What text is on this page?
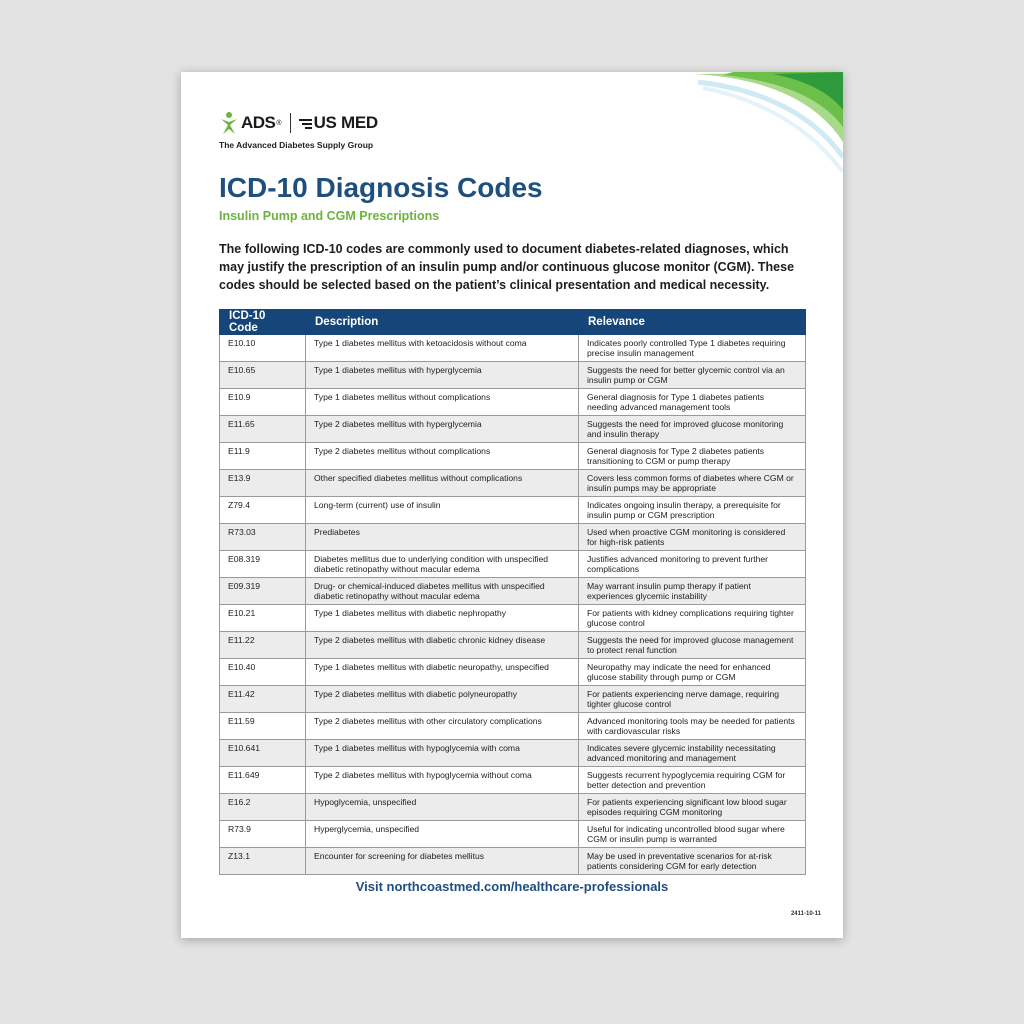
ADS ® US MED
The Advanced Diabetes Supply Group
ICD-10 Diagnosis Codes
Insulin Pump and CGM Prescriptions
The following ICD-10 codes are commonly used to document diabetes-related diagnoses, which may justify the prescription of an insulin pump and/or continuous glucose monitor (CGM). These codes should be selected based on the patient’s clinical presentation and medical necessity.
ICD-10 Code	Description	Relevance
E10.10	Type 1 diabetes mellitus with ketoacidosis without coma	Indicates poorly controlled Type 1 diabetes requiring precise insulin management
E10.65	Type 1 diabetes mellitus with hyperglycemia	Suggests the need for better glycemic control via an insulin pump or CGM
E10.9	Type 1 diabetes mellitus without complications	General diagnosis for Type 1 diabetes patients needing advanced management tools
E11.65	Type 2 diabetes mellitus with hyperglycemia	Suggests the need for improved glucose monitoring and insulin therapy
E11.9	Type 2 diabetes mellitus without complications	General diagnosis for Type 2 diabetes patients transitioning to CGM or pump therapy
E13.9	Other specified diabetes mellitus without complications	Covers less common forms of diabetes where CGM or insulin pumps may be appropriate
Z79.4	Long-term (current) use of insulin	Indicates ongoing insulin therapy, a prerequisite for insulin pump or CGM prescription
R73.03	Prediabetes	Used when proactive CGM monitoring is considered for high-risk patients
E08.319	Diabetes mellitus due to underlying condition with unspecified diabetic retinopathy without macular edema	Justifies advanced monitoring to prevent further complications
E09.319	Drug- or chemical-induced diabetes mellitus with unspecified diabetic retinopathy without macular edema	May warrant insulin pump therapy if patient experiences glycemic instability
E10.21	Type 1 diabetes mellitus with diabetic nephropathy	For patients with kidney complications requiring tighter glucose control
E11.22	Type 2 diabetes mellitus with diabetic chronic kidney disease	Suggests the need for improved glucose management to protect renal function
E10.40	Type 1 diabetes mellitus with diabetic neuropathy, unspecified	Neuropathy may indicate the need for enhanced glucose stability through pump or CGM
E11.42	Type 2 diabetes mellitus with diabetic polyneuropathy	For patients experiencing nerve damage, requiring tighter glucose control
E11.59	Type 2 diabetes mellitus with other circulatory complications	Advanced monitoring tools may be needed for patients with cardiovascular risks
E10.641	Type 1 diabetes mellitus with hypoglycemia with coma	Indicates severe glycemic instability necessitating advanced monitoring and management
E11.649	Type 2 diabetes mellitus with hypoglycemia without coma	Suggests recurrent hypoglycemia requiring CGM for better detection and prevention
E16.2	Hypoglycemia, unspecified	For patients experiencing significant low blood sugar episodes requiring CGM monitoring
R73.9	Hyperglycemia, unspecified	Useful for indicating uncontrolled blood sugar where CGM or insulin pump is warranted
Z13.1	Encounter for screening for diabetes mellitus	May be used in preventative scenarios for at-risk patients considering CGM for early detection
Visit northcoastmed.com/healthcare-professionals
2411-10-11
